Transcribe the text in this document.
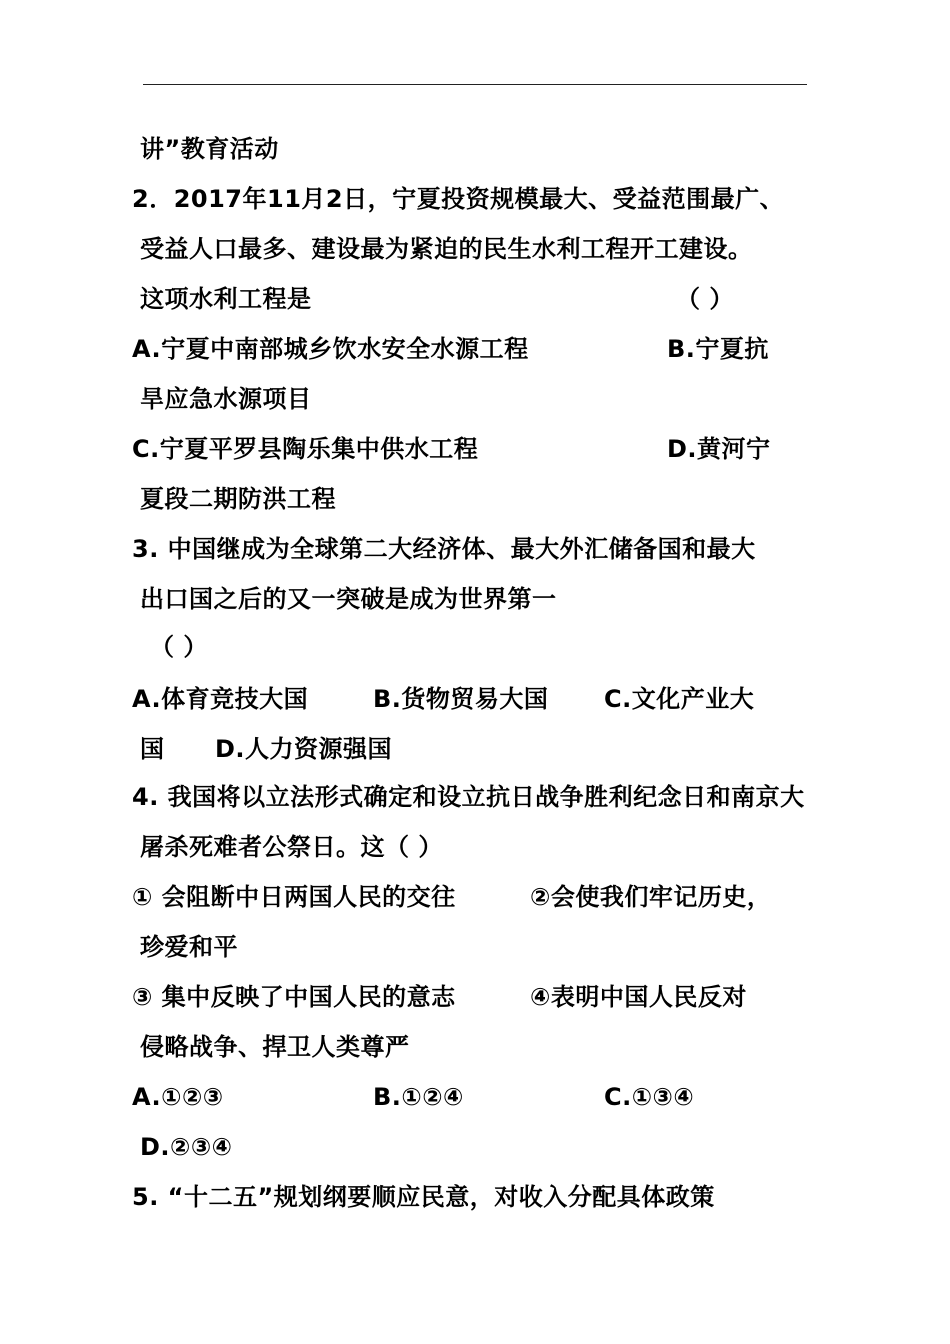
讲”教育活动
2．2017年11月2日，宁夏投资规模最大、受益范围最广、
受益人口最多、建设最为紧迫的民生水利工程开工建设。
这项水利工程是	（ ）
A.宁夏中南部城乡饮水安全水源工程	B.宁夏抗
旱应急水源项目
C.宁夏平罗县陶乐集中供水工程	D.黄河宁
夏段二期防洪工程
3. 中国继成为全球第二大经济体、最大外汇储备国和最大
出口国之后的又一突破是成为世界第一
（ ）
A.体育竞技大国	B.货物贸易大国 C.文化产业大
国 D.人力资源强国
4. 我国将以立法形式确定和设立抗日战争胜利纪念日和南京大
屠杀死难者公祭日。这（ ）
① 会阻断中日两国人民的交往	②会使我们牢记历史，
珍爱和平
③ 集中反映了中国人民的意志	④表明中国人民反对
侵略战争、捍卫人类尊严
A.①②③	B.①②④	C.①③④
D.②③④
5. “十二五”规划纲要顺应民意，对收入分配具体政策
